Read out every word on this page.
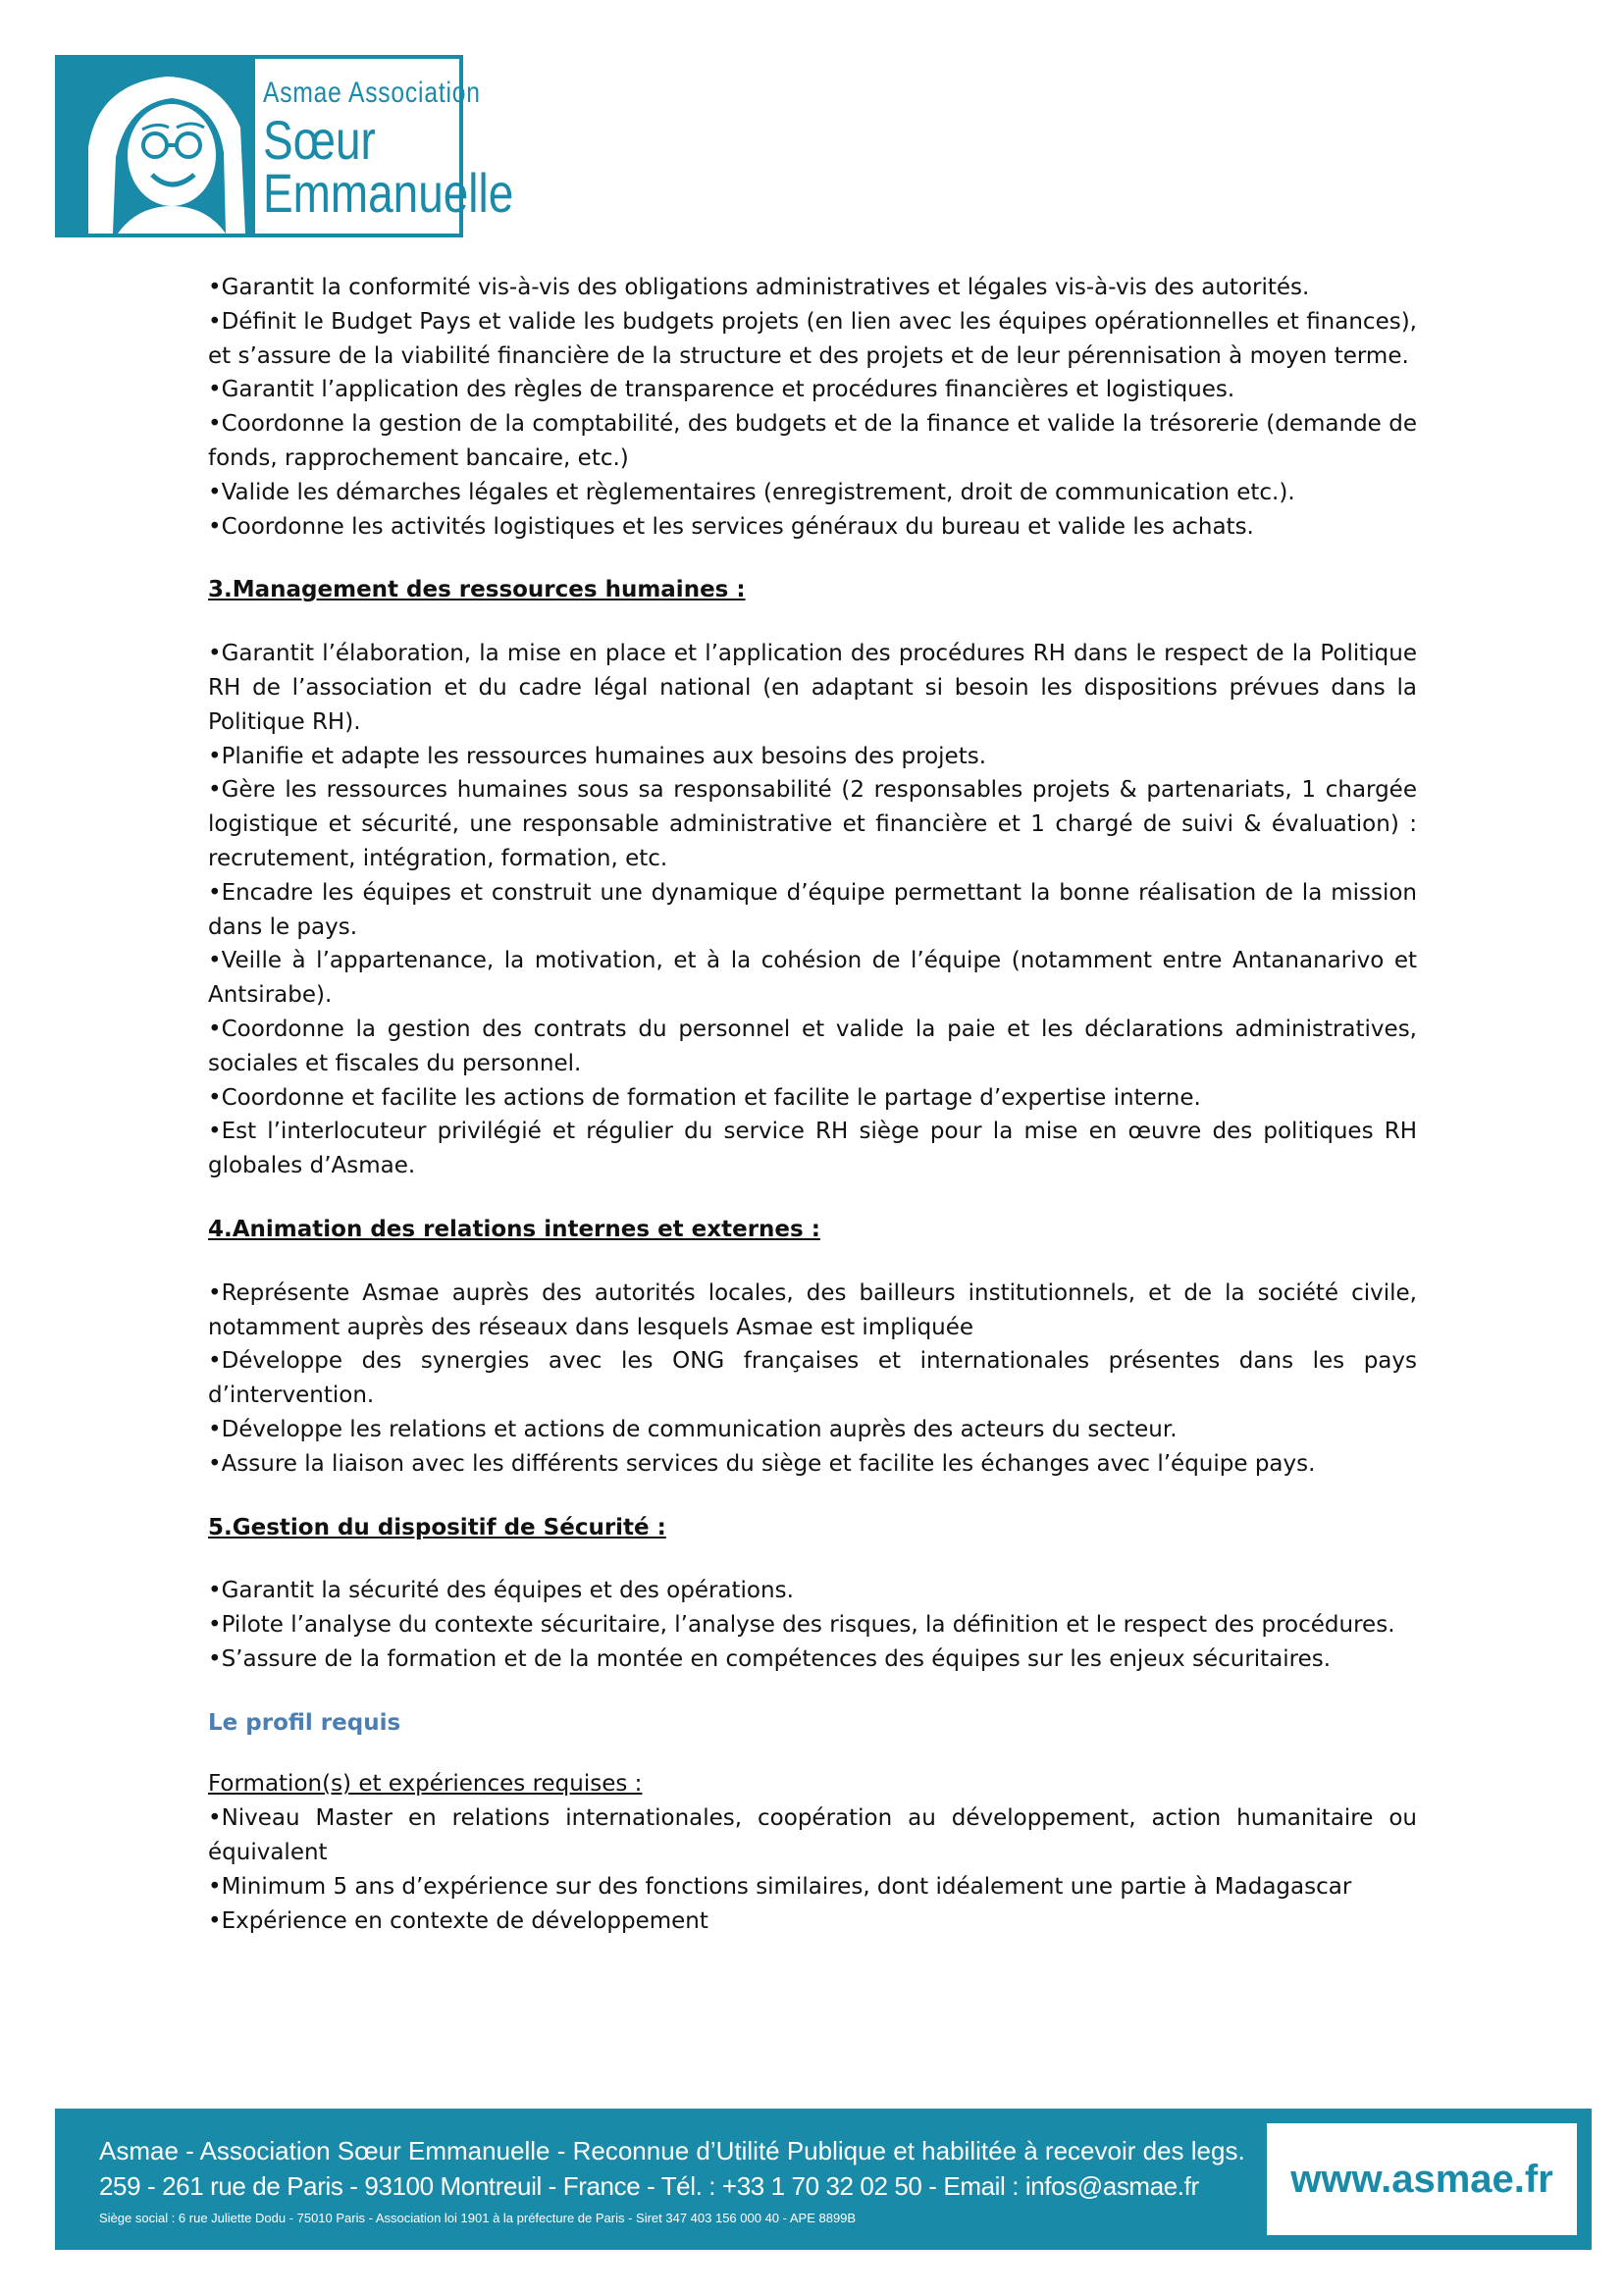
Asmae Association
Sœur
Emmanuelle

•Garantit la conformité vis-à-vis des obligations administratives et légales vis-à-vis des autorités.

•Définit le Budget Pays et valide les budgets projets (en lien avec les équipes opérationnelles et finances), et s’assure de la viabilité financière de la structure et des projets et de leur pérennisation à moyen terme.

•Garantit l’application des règles de transparence et procédures financières et logistiques.

•Coordonne la gestion de la comptabilité, des budgets et de la finance et valide la trésorerie (demande de fonds, rapprochement bancaire, etc.)

•Valide les démarches légales et règlementaires (enregistrement, droit de communication etc.).

•Coordonne les activités logistiques et les services généraux du bureau et valide les achats.

3.Management des ressources humaines :

•Garantit l’élaboration, la mise en place et l’application des procédures RH dans le respect de la Politique RH de l’association et du cadre légal national (en adaptant si besoin les dispositions prévues dans la Politique RH).

•Planifie et adapte les ressources humaines aux besoins des projets.

•Gère les ressources humaines sous sa responsabilité (2 responsables projets & partenariats, 1 chargée logistique et sécurité, une responsable administrative et financière et 1 chargé de suivi & évaluation) : recrutement, intégration, formation, etc.

•Encadre les équipes et construit une dynamique d’équipe permettant la bonne réalisation de la mission dans le pays.

•Veille à l’appartenance, la motivation, et à la cohésion de l’équipe (notamment entre Antananarivo et Antsirabe).

•Coordonne la gestion des contrats du personnel et valide la paie et les déclarations administratives, sociales et fiscales du personnel.

•Coordonne et facilite les actions de formation et facilite le partage d’expertise interne.

•Est l’interlocuteur privilégié et régulier du service RH siège pour la mise en œuvre des politiques RH globales d’Asmae.

4.Animation des relations internes et externes :

•Représente Asmae auprès des autorités locales, des bailleurs institutionnels, et de la société civile, notamment auprès des réseaux dans lesquels Asmae est impliquée

•Développe des synergies avec les ONG françaises et internationales présentes dans les pays d’intervention.

•Développe les relations et actions de communication auprès des acteurs du secteur.

•Assure la liaison avec les différents services du siège et facilite les échanges avec l’équipe pays.

5.Gestion du dispositif de Sécurité :

•Garantit la sécurité des équipes et des opérations.

•Pilote l’analyse du contexte sécuritaire, l’analyse des risques, la définition et le respect des procédures.

•S’assure de la formation et de la montée en compétences des équipes sur les enjeux sécuritaires.

Le profil requis

Formation(s) et expériences requises :

•Niveau Master en relations internationales, coopération au développement, action humanitaire ou équivalent

•Minimum 5 ans d’expérience sur des fonctions similaires, dont idéalement une partie à Madagascar

•Expérience en contexte de développement

Asmae - Association Sœur Emmanuelle - Reconnue d’Utilité Publique et habilitée à recevoir des legs.
259 - 261 rue de Paris - 93100 Montreuil - France - Tél. : +33 1 70 32 02 50 - Email : infos@asmae.fr
Siège social : 6 rue Juliette Dodu - 75010 Paris - Association loi 1901 à la préfecture de Paris - Siret 347 403 156 000 40 - APE 8899B
www.asmae.fr
